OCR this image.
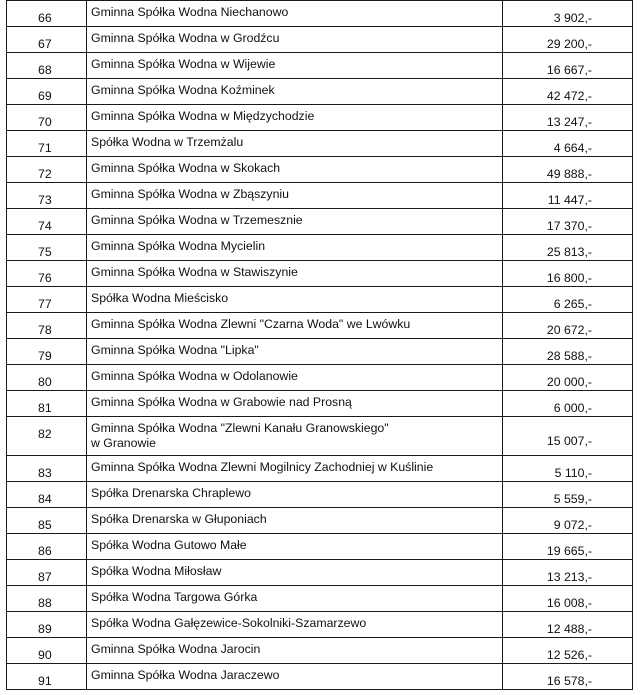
66	Gminna Spółka Wodna Niechanowo	3 902,-
67	Gminna Spółka Wodna w Grodźcu	29 200,-
68	Gminna Spółka Wodna w Wijewie	16 667,-
69	Gminna Spółka Wodna Koźminek	42 472,-
70	Gminna Spółka Wodna w Międzychodzie	13 247,-
71	Spółka Wodna w Trzemżalu	4 664,-
72	Gminna Spółka Wodna w Skokach	49 888,-
73	Gminna Spółka Wodna w Zbąszyniu	11 447,-
74	Gminna Spółka Wodna w Trzemesznie	17 370,-
75	Gminna Spółka Wodna Mycielin	25 813,-
76	Gminna Spółka Wodna w Stawiszynie	16 800,-
77	Spółka Wodna Mieścisko	6 265,-
78	Gminna Spółka Wodna Zlewni "Czarna Woda" we Lwówku	20 672,-
79	Gminna Spółka Wodna "Lipka"	28 588,-
80	Gminna Spółka Wodna w Odolanowie	20 000,-
81	Gminna Spółka Wodna w Grabowie nad Prosną	6 000,-
82	Gminna Spółka Wodna "Zlewni Kanału Granowskiego"
w Granowie	15 007,-
83	Gminna Spółka Wodna Zlewni Mogilnicy Zachodniej w Kuślinie	5 110,-
84	Spółka Drenarska Chraplewo	5 559,-
85	Spółka Drenarska w Głuponiach	9 072,-
86	Spółka Wodna Gutowo Małe	19 665,-
87	Spółka Wodna Miłosław	13 213,-
88	Spółka Wodna Targowa Górka	16 008,-
89	Spółka Wodna Gałęzewice-Sokolniki-Szamarzewo	12 488,-
90	Gminna Spółka Wodna Jarocin	12 526,-
91	Gminna Spółka Wodna Jaraczewo	16 578,-
